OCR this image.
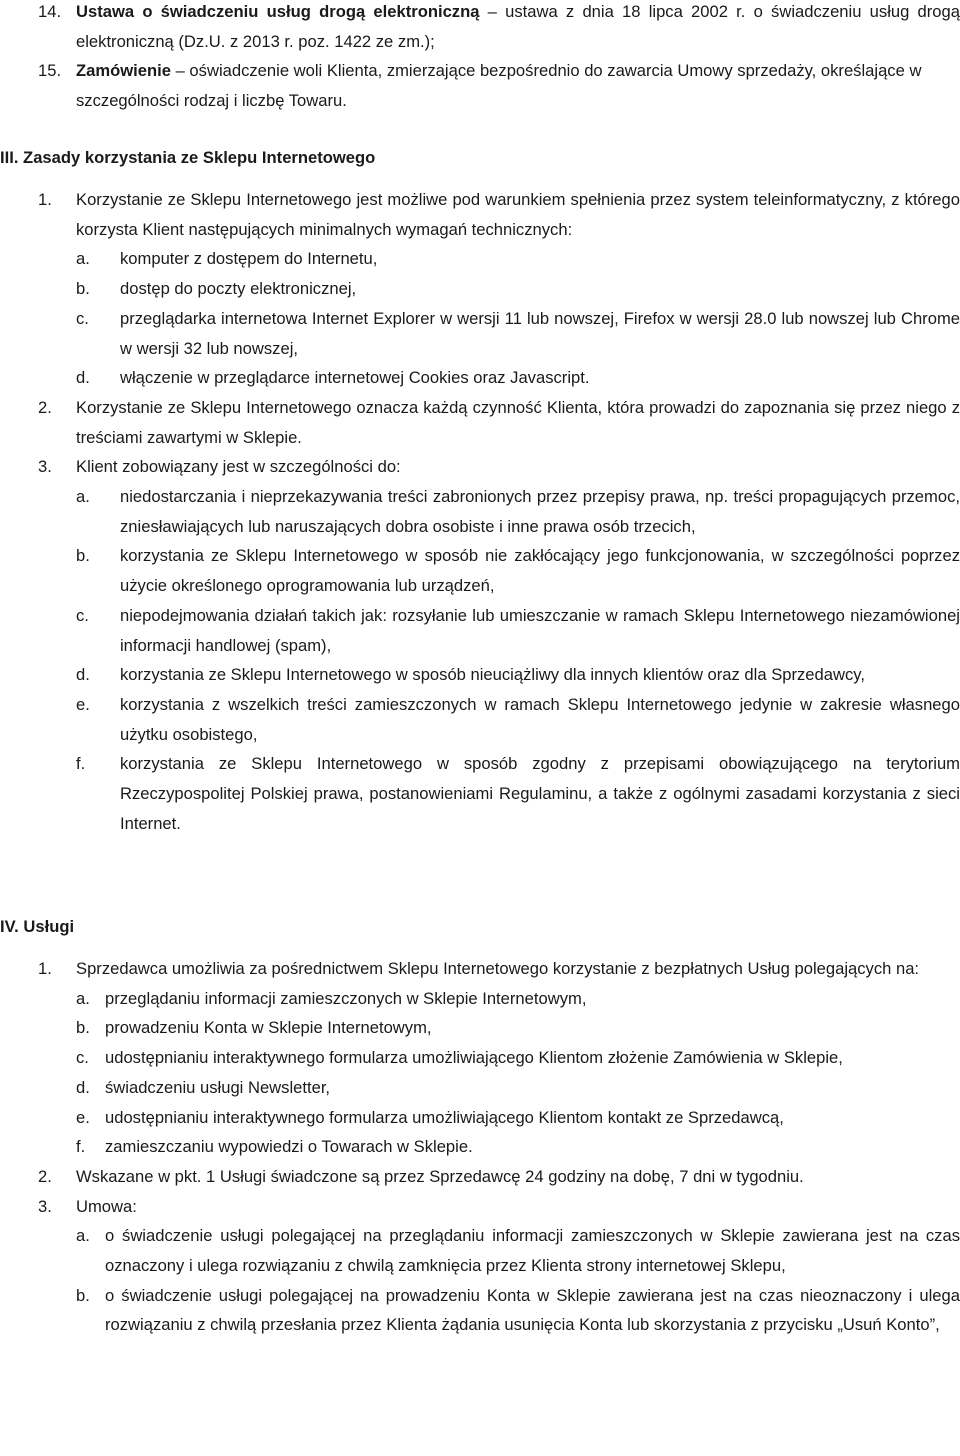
14. Ustawa o świadczeniu usług drogą elektroniczną – ustawa z dnia 18 lipca 2002 r. o świadczeniu usług drogą elektroniczną (Dz.U. z 2013 r. poz. 1422 ze zm.);
15. Zamówienie – oświadczenie woli Klienta, zmierzające bezpośrednio do zawarcia Umowy sprzedaży, określające w szczególności rodzaj i liczbę Towaru.
III. Zasady korzystania ze Sklepu Internetowego
1. Korzystanie ze Sklepu Internetowego jest możliwe pod warunkiem spełnienia przez system teleinformatyczny, z którego korzysta Klient następujących minimalnych wymagań technicznych:
a. komputer z dostępem do Internetu,
b. dostęp do poczty elektronicznej,
c. przeglądarka internetowa Internet Explorer w wersji 11 lub nowszej, Firefox w wersji 28.0 lub nowszej lub Chrome w wersji 32 lub nowszej,
d. włączenie w przeglądarce internetowej Cookies oraz Javascript.
2. Korzystanie ze Sklepu Internetowego oznacza każdą czynność Klienta, która prowadzi do zapoznania się przez niego z treściami zawartymi w Sklepie.
3. Klient zobowiązany jest w szczególności do:
a. niedostarczania i nieprzekazywania treści zabronionych przez przepisy prawa, np. treści propagujących przemoc, zniesławiających lub naruszających dobra osobiste i inne prawa osób trzecich,
b. korzystania ze Sklepu Internetowego w sposób nie zakłócający jego funkcjonowania, w szczególności poprzez użycie określonego oprogramowania lub urządzeń,
c. niepodejmowania działań takich jak: rozsyłanie lub umieszczanie w ramach Sklepu Internetowego niezamówionej informacji handlowej (spam),
d. korzystania ze Sklepu Internetowego w sposób nieuciążliwy dla innych klientów oraz dla Sprzedawcy,
e. korzystania z wszelkich treści zamieszczonych w ramach Sklepu Internetowego jedynie w zakresie własnego użytku osobistego,
f. korzystania ze Sklepu Internetowego w sposób zgodny z przepisami obowiązującego na terytorium Rzeczypospolitej Polskiej prawa, postanowieniami Regulaminu, a także z ogólnymi zasadami korzystania z sieci Internet.
IV. Usługi
1. Sprzedawca umożliwia za pośrednictwem Sklepu Internetowego korzystanie z bezpłatnych Usług polegających na:
a. przeglądaniu informacji zamieszczonych w Sklepie Internetowym,
b. prowadzeniu Konta w Sklepie Internetowym,
c. udostępnianiu interaktywnego formularza umożliwiającego Klientom złożenie Zamówienia w Sklepie,
d. świadczeniu usługi Newsletter,
e. udostępnianiu interaktywnego formularza umożliwiającego Klientom kontakt ze Sprzedawcą,
f. zamieszczaniu wypowiedzi o Towarach w Sklepie.
2. Wskazane w pkt. 1 Usługi świadczone są przez Sprzedawcę 24 godziny na dobę, 7 dni w tygodniu.
3. Umowa:
a. o świadczenie usługi polegającej na przeglądaniu informacji zamieszczonych w Sklepie zawierana jest na czas oznaczony i ulega rozwiązaniu z chwilą zamknięcia przez Klienta strony internetowej Sklepu,
b. o świadczenie usługi polegającej na prowadzeniu Konta w Sklepie zawierana jest na czas nieoznaczony i ulega rozwiązaniu z chwilą przesłania przez Klienta żądania usunięcia Konta lub skorzystania z przycisku „Usuń Konto”,
